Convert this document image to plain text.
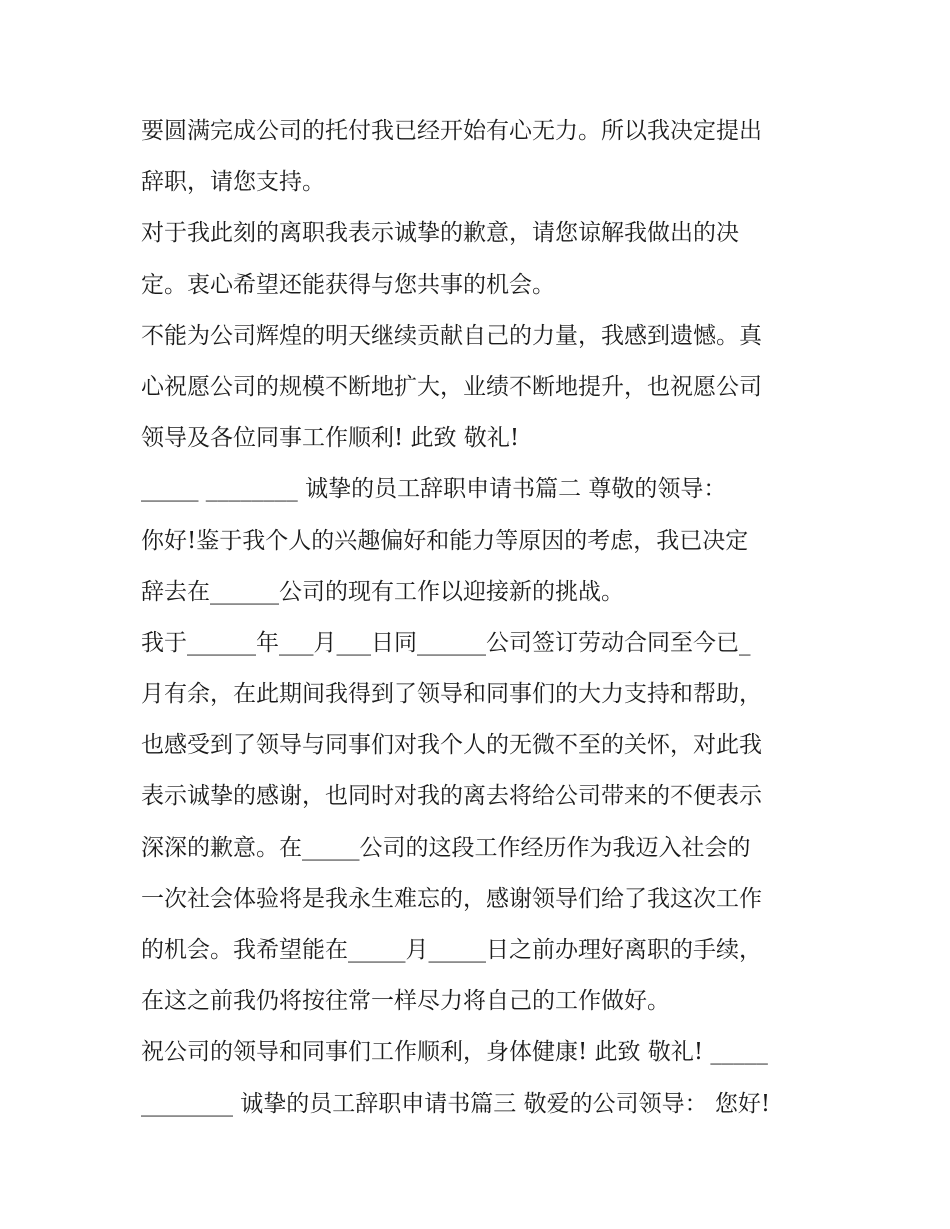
要圆满完成公司的托付我已经开始有心无力。所以我决定提出
辞职，请您支持。
对于我此刻的离职我表示诚挚的歉意，请您谅解我做出的决
定。衷心希望还能获得与您共事的机会。
不能为公司辉煌的明天继续贡献自己的力量，我感到遗憾。真
心祝愿公司的规模不断地扩大，业绩不断地提升，也祝愿公司
领导及各位同事工作顺利! 此致 敬礼!
_____ ________ 诚挚的员工辞职申请书篇二 尊敬的领导：
你好!鉴于我个人的兴趣偏好和能力等原因的考虑，我已决定
辞去在______公司的现有工作以迎接新的挑战。
我于______年___月___日同______公司签订劳动合同至今已_
月有余，在此期间我得到了领导和同事们的大力支持和帮助，
也感受到了领导与同事们对我个人的无微不至的关怀，对此我
表示诚挚的感谢，也同时对我的离去将给公司带来的不便表示
深深的歉意。在_____公司的这段工作经历作为我迈入社会的
一次社会体验将是我永生难忘的，感谢领导们给了我这次工作
的机会。我希望能在_____月_____日之前办理好离职的手续，
在这之前我仍将按往常一样尽力将自己的工作做好。
祝公司的领导和同事们工作顺利，身体健康! 此致 敬礼! _____
________ 诚挚的员工辞职申请书篇三 敬爱的公司领导： 您好!
